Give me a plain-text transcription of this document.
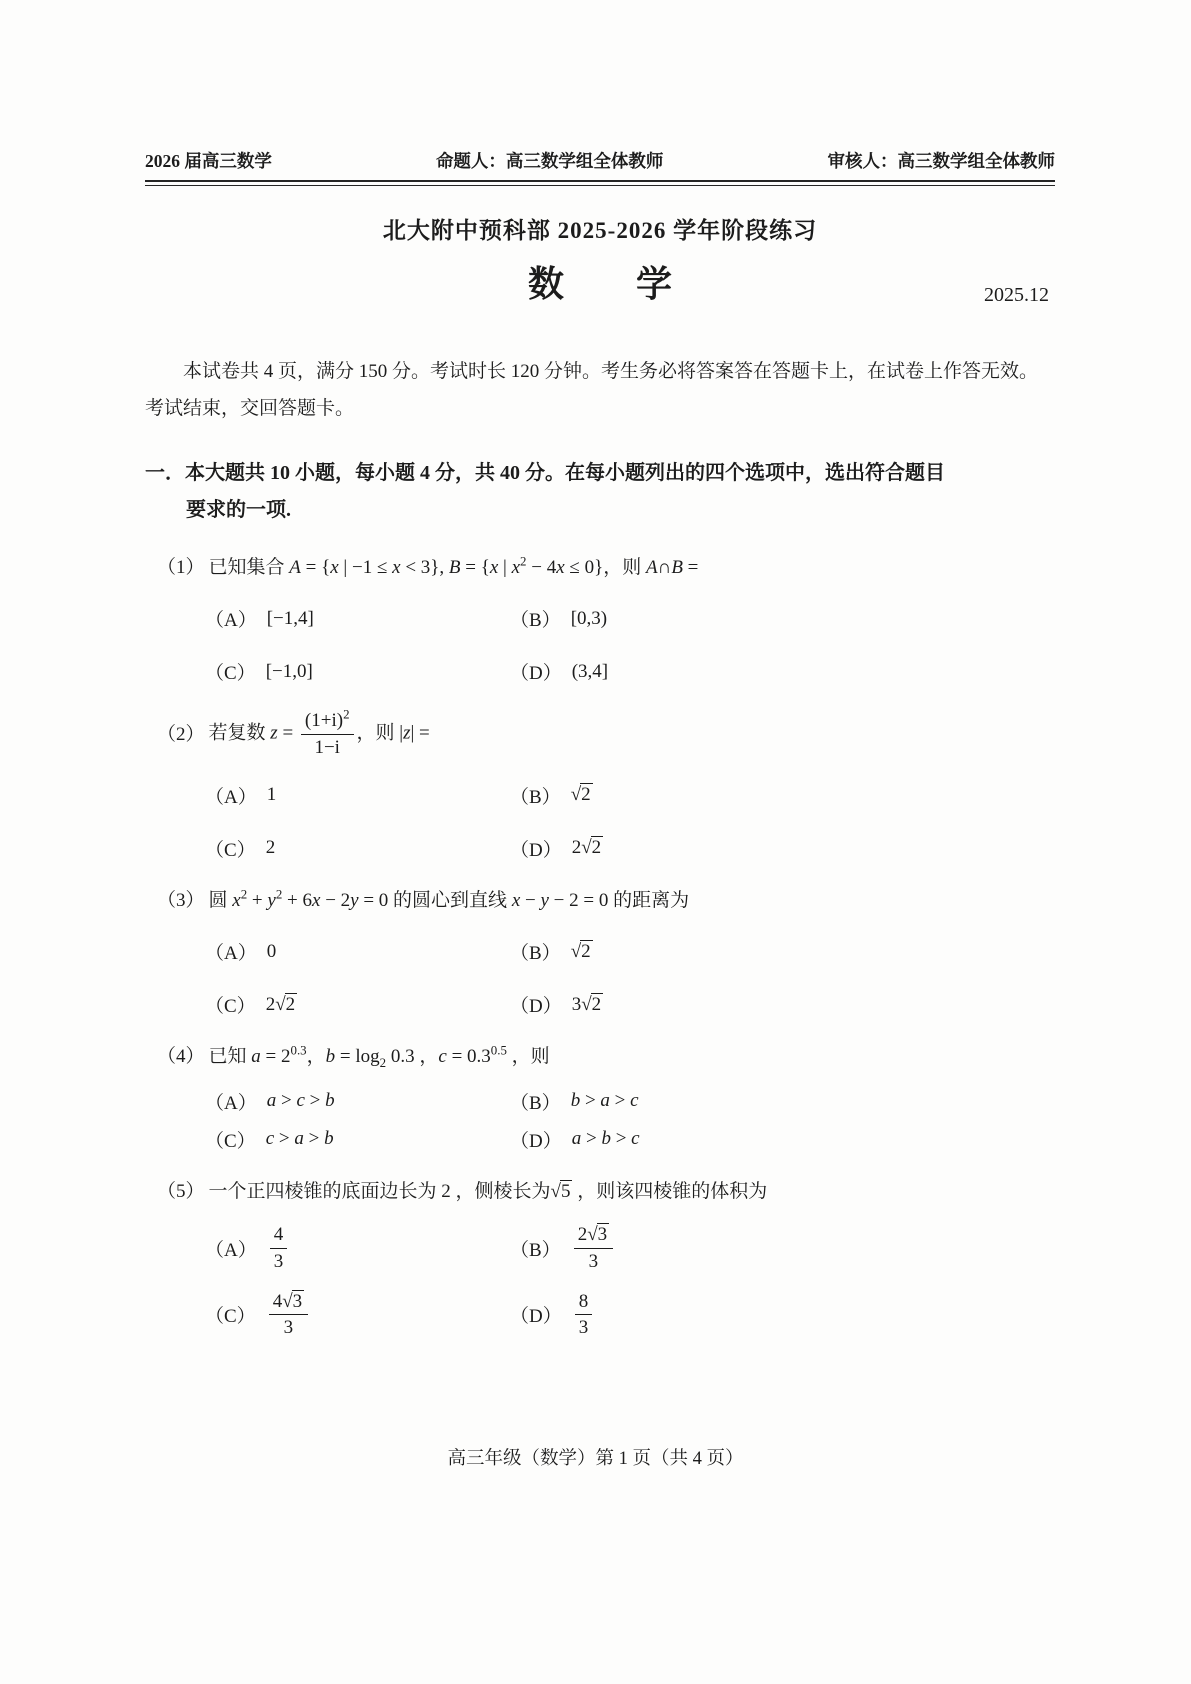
2026 届高三数学	命题人：高三数学组全体教师	审核人：高三数学组全体教师
北大附中预科部 2025-2026 学年阶段练习
数　　学	2025.12
本试卷共 4 页，满分 150 分。考试时长 120 分钟。考生务必将答案答在答题卡上，在试卷上作答无效。
考试结束，交回答题卡。
一．本大题共 10 小题，每小题 4 分，共 40 分。在每小题列出的四个选项中，选出符合题目
要求的一项.
（1） 已知集合 A = {x | −1 ≤ x < 3}, B = {x | $x^2 - 4x \le 0$}，则 A∩B =
（A） [−1,4]	（B） [0,3)
（C） [−1,0]	（D） (3,4]
（2） 若复数 $z = \frac{(1+i)^2}{1-i}$ ，则 |z| =
（A） 1	（B） √2
（C） 2	（D） 2√2
（3） 圆 $x^2 + y^2 + 6x - 2y = 0$ 的圆心到直线 x − y − 2 = 0 的距离为
（A） 0	（B） √2
（C） 2√2	（D） 3√2
（4） 已知 $a = 2^{0.3}$，$b = \log_2 0.3$ ，$c = 0.3^{0.5}$ ，则
（A） a > c > b	（B） b > a > c
（C） c > a > b	（D） a > b > c
（5） 一个正四棱锥的底面边长为 2 ，侧棱长为√5 ，则该四棱锥的体积为
$(A) \frac{4}{3}$	$(B) \frac{2√3}{3}$
$(C) \frac{4√3}{3}$	$(D) \frac{8}{3}$
高三年级（数学）第 1 页（共 4 页）
